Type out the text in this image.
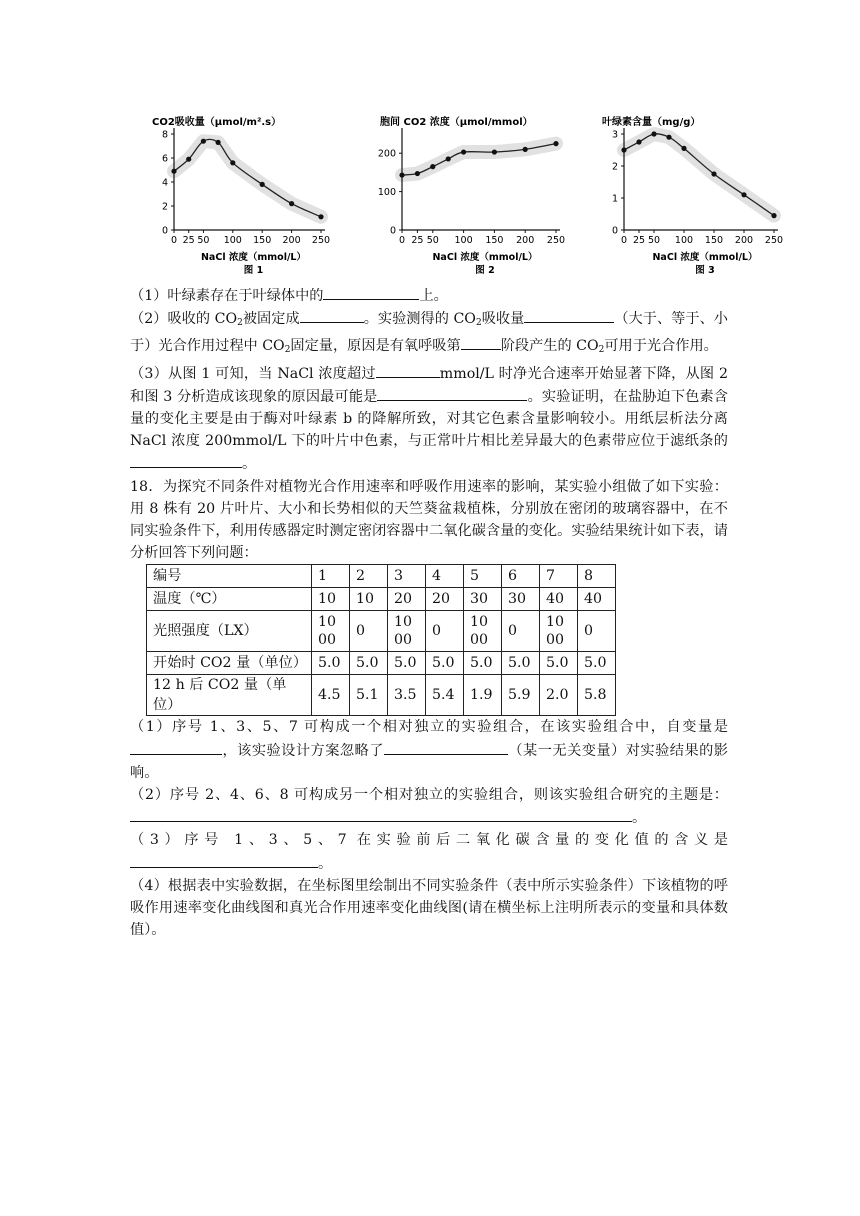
CO2吸收量（μmol/m².s）
0
2
4
6
8
0 25 50 100 150 200 250
NaCl 浓度（mmol/L）
图 1
胞间 CO2 浓度（μmol/mmol）
0
100
200
0 25 50 100 150 200 250
NaCl 浓度（mmol/L）
图 2
叶绿素含量（mg/g）
0
1
2
3
0 25 50 100 150 200 250
NaCl 浓度（mmol/L）
图 3

（1）叶绿素存在于叶绿体中的	上。

（2）吸收的 $CO_2$被固定成	。实验测得的 $CO_2$吸收量	（大于、等于、小于）光合作用过程中 $CO_2$固定量，原因是有氧呼吸第	阶段产生的 $CO_2$可用于光合作用。

（3）从图 1 可知，当 NaCl 浓度超过	mmol/L 时净光合速率开始显著下降，从图 2 和图 3 分析造成该现象的原因最可能是	。实验证明，在盐胁迫下色素含量的变化主要是由于酶对叶绿素 b 的降解所致，对其它色素含量影响较小。用纸层析法分离 NaCl 浓度 200mmol/L 下的叶片中色素，与正常叶片相比差异最大的色素带应位于滤纸条的。

18．为探究不同条件对植物光合作用速率和呼吸作用速率的影响，某实验小组做了如下实验：用 8 株有 20 片叶片、大小和长势相似的天竺葵盆栽植株，分别放在密闭的玻璃容器中，在不同实验条件下，利用传感器定时测定密闭容器中二氧化碳含量的变化。实验结果统计如下表，请分析回答下列问题：

编号	1	2	3	4	5	6	7	8
温度（℃）	10	10	20	20	30	30	40	40
光照强度（LX）	1000	0	1000	0	1000	0	1000	0
开始时 CO2 量（单位）	5.0	5.0	5.0	5.0	5.0	5.0	5.0	5.0
12 h 后 CO2 量（单位）	4.5	5.1	3.5	5.4	1.9	5.9	2.0	5.8

（1）序号 1、3、5、7 可构成一个相对独立的实验组合，在该实验组合中，自变量是，该实验设计方案忽略了	（某一无关变量）对实验结果的影响。

（2）序号 2、4、6、8 可构成另一个相对独立的实验组合，则该实验组合研究的主题是：。

（3）序号 1、3、5、7 在实验前后二氧化碳含量的变化值的含义是。

（4）根据表中实验数据，在坐标图里绘制出不同实验条件（表中所示实验条件）下该植物的呼吸作用速率变化曲线图和真光合作用速率变化曲线图(请在横坐标上注明所表示的变量和具体数值）。
